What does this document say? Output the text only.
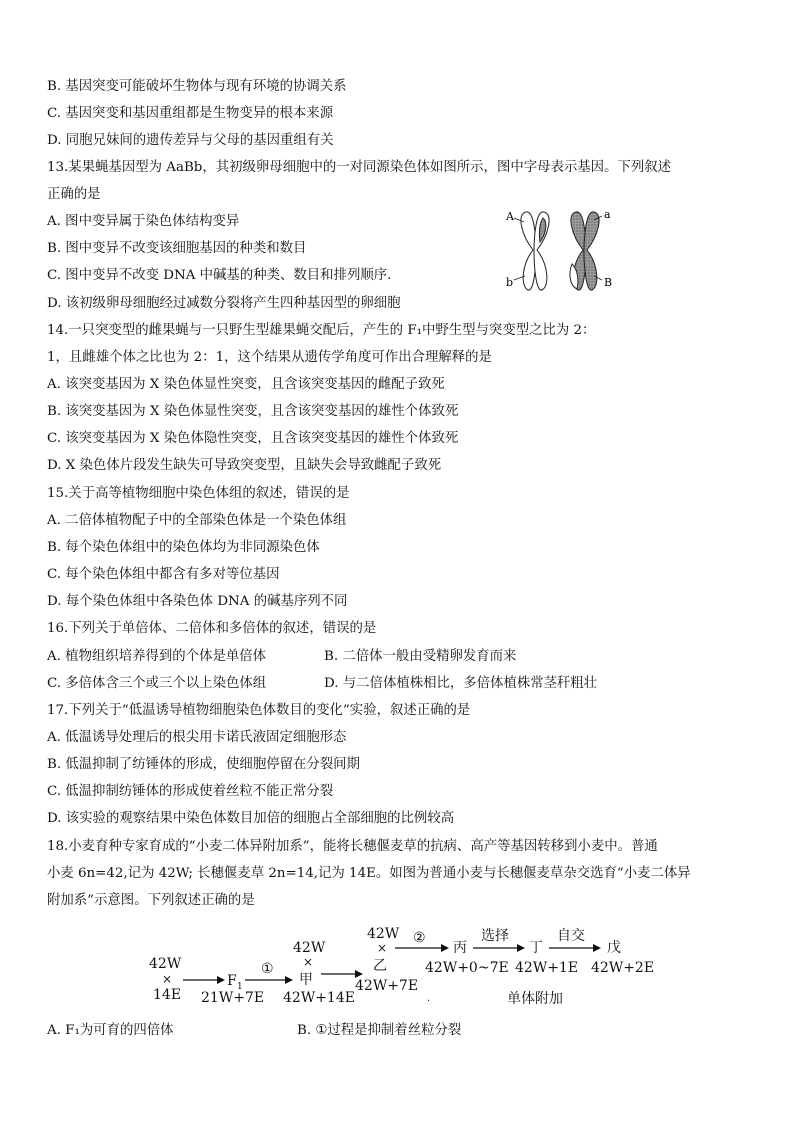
B. 基因突变可能破坏生物体与现有环境的协调关系
C. 基因突变和基因重组都是生物变异的根本来源
D. 同胞兄妹间的遗传差异与父母的基因重组有关
13.某果蝇基因型为 AaBb，其初级卵母细胞中的一对同源染色体如图所示，图中字母表示基因。下列叙述
正确的是
A. 图中变异属于染色体结构变异
B. 图中变异不改变该细胞基因的种类和数目
C. 图中变异不改变 DNA 中碱基的种类、数目和排列顺序.
D. 该初级卵母细胞经过减数分裂将产生四种基因型的卵细胞
A
b
a
B
14.一只突变型的雌果蝇与一只野生型雄果蝇交配后，产生的 F₁中野生型与突变型之比为 2：
1，且雌雄个体之比也为 2：1，这个结果从遗传学角度可作出合理解释的是
A. 该突变基因为 X 染色体显性突变，且含该突变基因的雌配子致死
B. 该突变基因为 X 染色体显性突变，且含该突变基因的雄性个体致死
C. 该突变基因为 X 染色体隐性突变，且含该突变基因的雄性个体致死
D. X 染色体片段发生缺失可导致突变型，且缺失会导致雌配子致死
15.关于高等植物细胞中染色体组的叙述，错误的是
A. 二倍体植物配子中的全部染色体是一个染色体组
B. 每个染色体组中的染色体均为非同源染色体
C. 每个染色体组中都含有多对等位基因
D. 每个染色体组中各染色体 DNA 的碱基序列不同
16.下列关于单倍体、二倍体和多倍体的叙述，错误的是
A. 植物组织培养得到的个体是单倍体	B. 二倍体一般由受精卵发育而来
C. 多倍体含三个或三个以上染色体组	D. 与二倍体植株相比，多倍体植株常茎秆粗壮
17.下列关于“低温诱导植物细胞染色体数目的变化”实验，叙述正确的是
A. 低温诱导处理后的根尖用卡诺氏液固定细胞形态
B. 低温抑制了纺锤体的形成，使细胞停留在分裂间期
C. 低温抑制纺锤体的形成使着丝粒不能正常分裂
D. 该实验的观察结果中染色体数目加倍的细胞占全部细胞的比例较高
18.小麦育种专家育成的“小麦二体异附加系”，能将长穗偃麦草的抗病、高产等基因转移到小麦中。普通
小麦 6n=42,记为 42W; 长穗偃麦草 2n=14,记为 14E。如图为普通小麦与长穗偃麦草杂交选育“小麦二体异
附加系”示意图。下列叙述正确的是
42W
×
14E
F 1
21W+7E
①
42W
×
甲
42W+14E
42W
×
乙
42W+7E
②
丙
42W+0~7E
选择
丁
42W+1E
自交
戊
42W+2E
.	单体附加
A. F₁为可育的四倍体	B. ①过程是抑制着丝粒分裂
